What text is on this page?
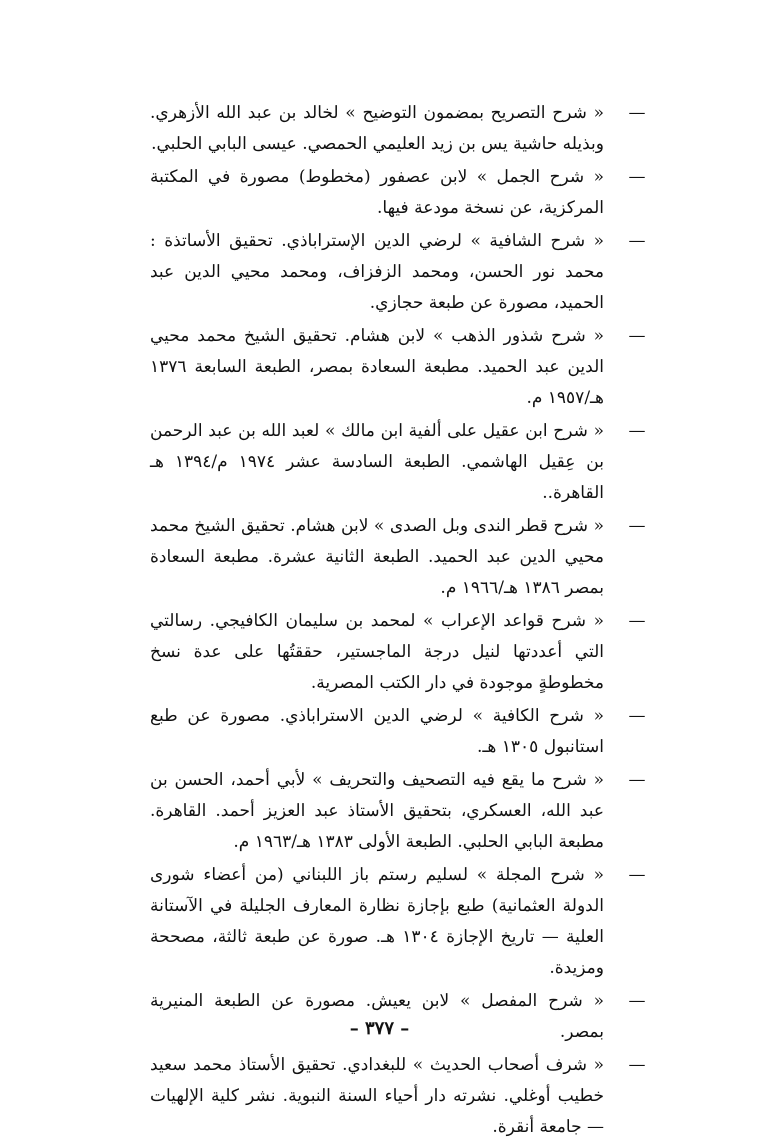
—
« شرح التصريح بمضمون التوضيح » لخالد بن عبد الله الأزهري. وبذيله حاشية يس بن زيد العليمي الحمصي. عيسى البابي الحلبي.
—
« شرح الجمل » لابن عصفور (مخطوط) مصورة في المكتبة المركزية، عن نسخة مودعة فيها.
—
« شرح الشافية » لرضي الدين الإستراباذي. تحقيق الأساتذة : محمد نور الحسن، ومحمد الزفزاف، ومحمد محيي الدين عبد الحميد، مصورة عن طبعة حجازي.
—
« شرح شذور الذهب » لابن هشام. تحقيق الشيخ محمد محيي الدين عبد الحميد. مطبعة السعادة بمصر، الطبعة السابعة ١٣٧٦ هـ/١٩٥٧ م.
—
« شرح ابن عقيل على ألفية ابن مالك » لعبد الله بن عبد الرحمن بن عِقيل الهاشمي. الطبعة السادسة عشر ١٩٧٤ م/١٣٩٤ هـ القاهرة..
—
« شرح قطر الندى وبل الصدى » لابن هشام. تحقيق الشيخ محمد محيي الدين عبد الحميد. الطبعة الثانية عشرة. مطبعة السعادة بمصر ١٣٨٦ هـ/١٩٦٦ م.
—
« شرح قواعد الإعراب » لمحمد بن سليمان الكافيجي. رسالتي التي أعددتها لنيل درجة الماجستير، حققتُها على عدة نسخ مخطوطةٍ موجودة في دار الكتب المصرية.
—
« شرح الكافية » لرضي الدين الاستراباذي. مصورة عن طبع استانبول ١٣٠٥ هـ.
—
« شرح ما يقع فيه التصحيف والتحريف » لأبي أحمد، الحسن بن عبد الله، العسكري، بتحقيق الأستاذ عبد العزيز أحمد. القاهرة. مطبعة البابي الحلبي. الطبعة الأولى ١٣٨٣ هـ/١٩٦٣ م.
—
« شرح المجلة » لسليم رستم باز اللبناني (من أعضاء شورى الدولة العثمانية) طبع بإجازة نظارة المعارف الجليلة في الآستانة العلية — تاريخ الإجازة ١٣٠٤ هـ. صورة عن طبعة ثالثة، مصححة ومزيدة.
—
« شرح المفصل » لابن يعيش. مصورة عن الطبعة المنيرية بمصر.
—
« شرف أصحاب الحديث » للبغدادي. تحقيق الأستاذ محمد سعيد خطيب أوغلي. نشرته دار أحياء السنة النبوية. نشر كلية الإلهيات — جامعة أنقرة.
– ٣٧٧ –
